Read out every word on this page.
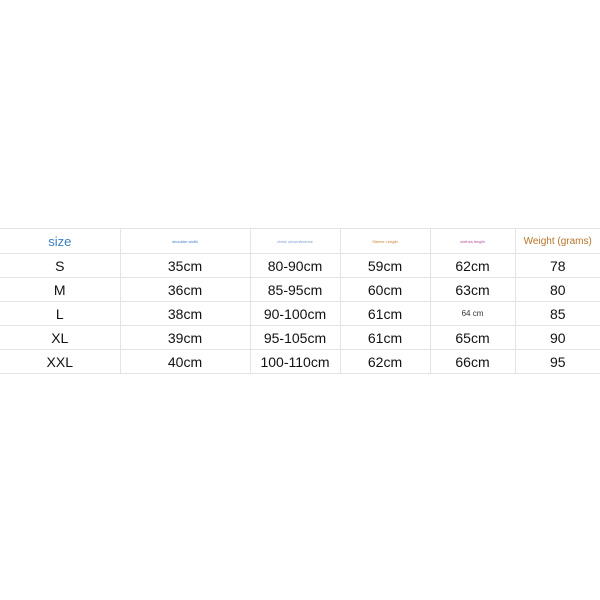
size	shoulder width	chest circumference	Sleeve Length	clothes length	Weight (grams)
S	35cm	80-90cm	59cm	62cm	78
M	36cm	85-95cm	60cm	63cm	80
L	38cm	90-100cm	61cm	64 cm	85
XL	39cm	95-105cm	61cm	65cm	90
XXL	40cm	100-110cm	62cm	66cm	95
